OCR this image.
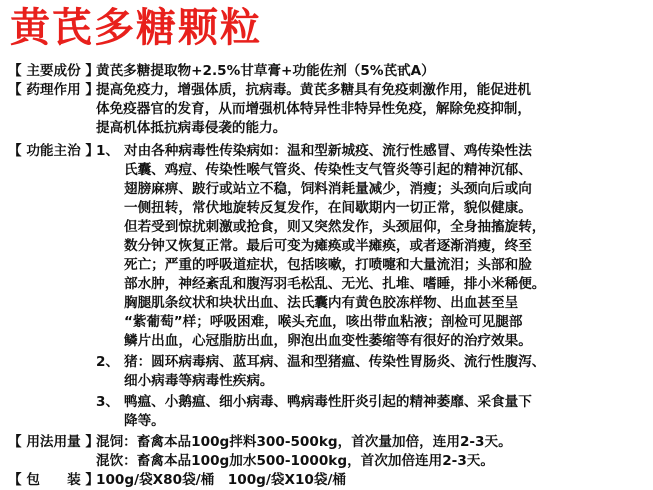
黄芪多糖颗粒
【 主要成份 】
黄芪多糖提取物+2.5%甘草膏+功能佐剂（5%芪甙A）
【 药理作用 】
提高免疫力，增强体质，抗病毒。黄芪多糖具有免疫刺激作用，能促进机
体免疫器官的发育，从而增强机体特异性非特异性免疫，解除免疫抑制，
提高机体抵抗病毒侵袭的能力。
【 功能主治 】
1、 对由各种病毒性传染病如：温和型新城疫、流行性感冒、鸡传染性法
氏囊、鸡痘、传染性喉气管炎、传染性支气管炎等引起的精神沉郁、
翅膀麻痹、跛行或站立不稳，饲料消耗量减少，消瘦；头颈向后或向
一侧扭转，常伏地旋转反复发作，在间歇期内一切正常，貌似健康。
但若受到惊扰刺激或抢食，则又突然发作，头颈屈仰，全身抽搐旋转，
数分钟又恢复正常。最后可变为瘫痪或半瘫痪，或者逐渐消瘦，终至
死亡；严重的呼吸道症状，包括咳嗽，打喷嚏和大量流泪；头部和脸
部水肿，神经紊乱和腹泻羽毛松乱、无光、扎堆、嗜睡，排小米稀便。
胸腿肌条纹状和块状出血、法氏囊内有黄色胶冻样物、出血甚至呈
“紫葡萄”样；呼吸困难，喉头充血，咳出带血粘液；剖检可见腿部
鳞片出血，心冠脂肪出血，卵泡出血变性萎缩等有很好的治疗效果。
2、 猪：圆环病毒病、蓝耳病、温和型猪瘟、传染性胃肠炎、流行性腹泻、
细小病毒等病毒性疾病。
3、 鸭瘟、小鹅瘟、细小病毒、鸭病毒性肝炎引起的精神萎靡、采食量下
降等。
【 用法用量 】
混饲：畜禽本品100g拌料300-500kg，首次量加倍，连用2-3天。
混饮：畜禽本品100g加水500-1000kg，首次加倍连用2-3天。
【 包　　装 】
100g/袋X80袋/桶　100g/袋X10袋/桶
